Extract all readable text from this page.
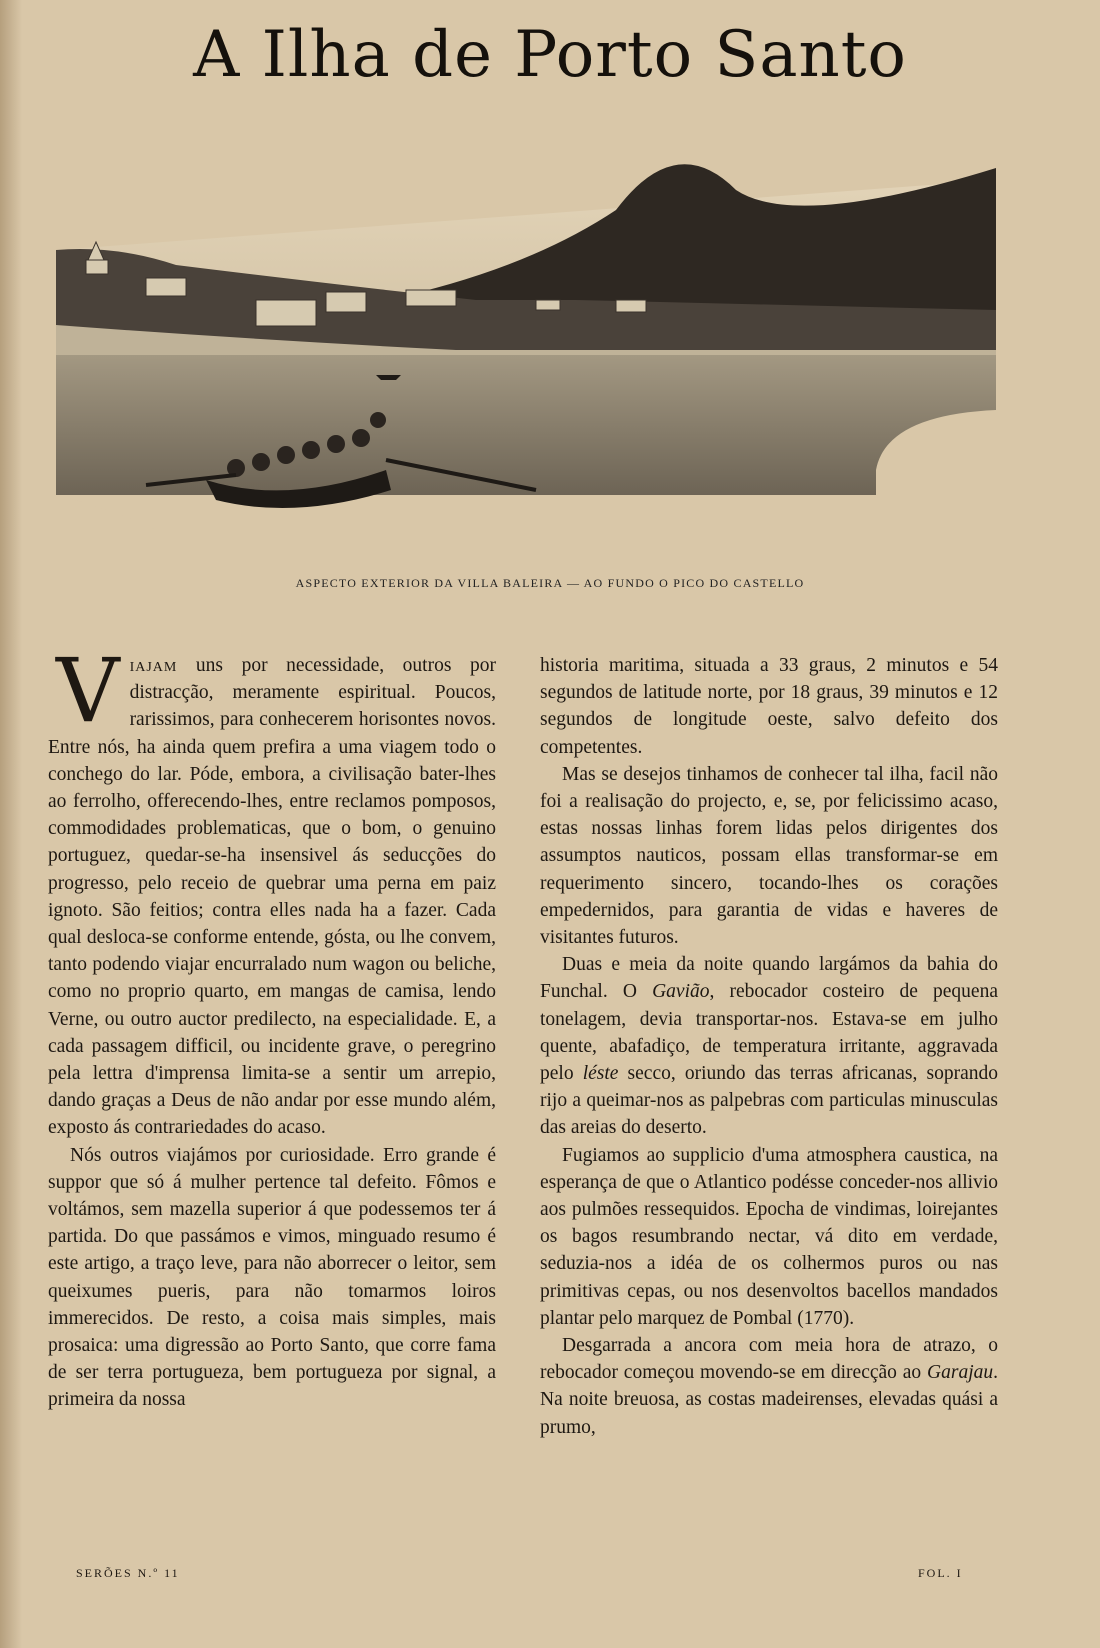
A Ilha de Porto Santo
ASPECTO EXTERIOR DA VILLA BALEIRA — AO FUNDO O PICO DO CASTELLO

Viajam uns por necessidade, outros por distracção, meramente espiritual. Poucos, rarissimos, para conhecerem horisontes novos. Entre nós, ha ainda quem prefira a uma viagem todo o conchego do lar. Póde, embora, a civilisação bater-lhes ao ferrolho, offerecendo-lhes, entre reclamos pomposos, commodidades problematicas, que o bom, o genuino portuguez, quedar-se-ha insensivel ás seducções do progresso, pelo receio de quebrar uma perna em paiz ignoto. São feitios; contra elles nada ha a fazer. Cada qual desloca-se conforme entende, gósta, ou lhe convem, tanto podendo viajar encurralado num wagon ou beliche, como no proprio quarto, em mangas de camisa, lendo Verne, ou outro auctor predilecto, na especialidade. E, a cada passagem difficil, ou incidente grave, o peregrino pela lettra d'imprensa limita-se a sentir um arrepio, dando graças a Deus de não andar por esse mundo além, exposto ás contrariedades do acaso.

Nós outros viajámos por curiosidade. Erro grande é suppor que só á mulher pertence tal defeito. Fômos e voltámos, sem mazella superior á que podessemos ter á partida. Do que passámos e vimos, minguado resumo é este artigo, a traço leve, para não aborrecer o leitor, sem queixumes pueris, para não tomarmos loiros immerecidos. De resto, a coisa mais simples, mais prosaica: uma digressão ao Porto Santo, que corre fama de ser terra portugueza, bem portugueza por signal, a primeira da nossa

historia maritima, situada a 33 graus, 2 minutos e 54 segundos de latitude norte, por 18 graus, 39 minutos e 12 segundos de longitude oeste, salvo defeito dos competentes.

Mas se desejos tinhamos de conhecer tal ilha, facil não foi a realisação do projecto, e, se, por felicissimo acaso, estas nossas linhas forem lidas pelos dirigentes dos assumptos nauticos, possam ellas transformar-se em requerimento sincero, tocando-lhes os corações empedernidos, para garantia de vidas e haveres de visitantes futuros.

Duas e meia da noite quando largámos da bahia do Funchal. O Gavião, rebocador costeiro de pequena tonelagem, devia transportar-nos. Estava-se em julho quente, abafadiço, de temperatura irritante, aggravada pelo léste secco, oriundo das terras africanas, soprando rijo a queimar-nos as palpebras com particulas minusculas das areias do deserto.

Fugiamos ao supplicio d'uma atmosphera caustica, na esperança de que o Atlantico podésse conceder-nos allivio aos pulmões ressequidos. Epocha de vindimas, loirejantes os bagos resumbrando nectar, vá dito em verdade, seduzia-nos a idéa de os colhermos puros ou nas primitivas cepas, ou nos desenvoltos bacellos mandados plantar pelo marquez de Pombal (1770).

Desgarrada a ancora com meia hora de atrazo, o rebocador começou movendo-se em direcção ao Garajau. Na noite breuosa, as costas madeirenses, elevadas quási a prumo,

SERÕES N.º 11	FOL. I
